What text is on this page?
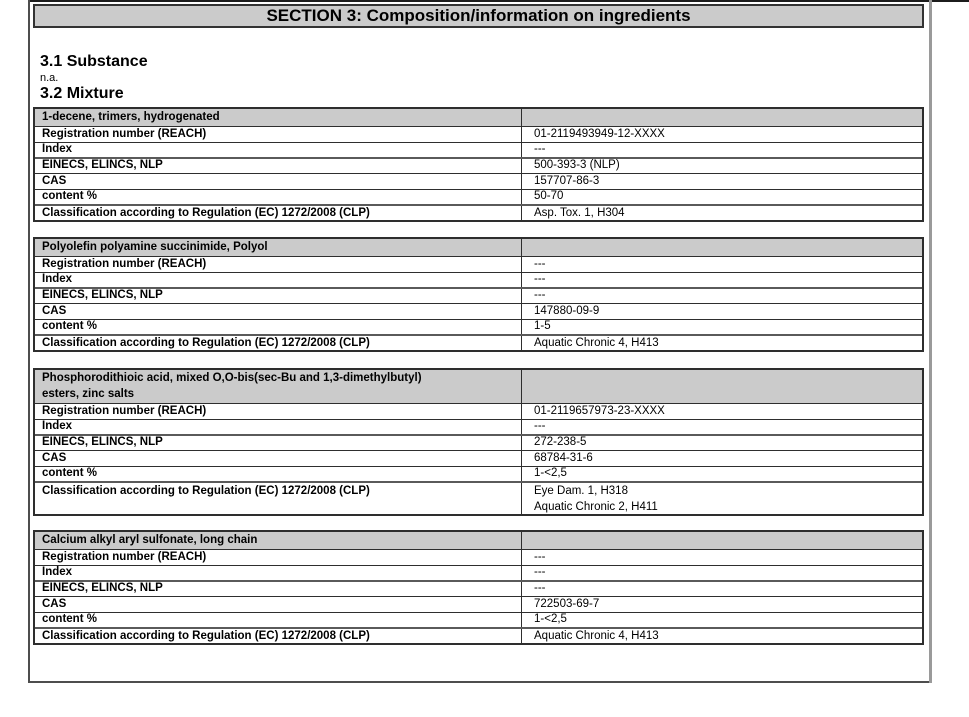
SECTION 3: Composition/information on ingredients
3.1 Substance
n.a.
3.2 Mixture
1-decene, trimers, hydrogenated
Registration number (REACH)	01-2119493949-12-XXXX
Index	---
EINECS, ELINCS, NLP	500-393-3 (NLP)
CAS	157707-86-3
content %	50-70
Classification according to Regulation (EC) 1272/2008 (CLP)	Asp. Tox. 1, H304
Polyolefin polyamine succinimide, Polyol
Registration number (REACH)	---
Index	---
EINECS, ELINCS, NLP	---
CAS	147880-09-9
content %	1-5
Classification according to Regulation (EC) 1272/2008 (CLP)	Aquatic Chronic 4, H413
Phosphorodithioic acid, mixed O,O-bis(sec-Bu and 1,3-dimethylbutyl)
esters, zinc salts
Registration number (REACH)	01-2119657973-23-XXXX
Index	---
EINECS, ELINCS, NLP	272-238-5
CAS	68784-31-6
content %	1-<2,5
Classification according to Regulation (EC) 1272/2008 (CLP)	Eye Dam. 1, H318
Aquatic Chronic 2, H411
Calcium alkyl aryl sulfonate, long chain
Registration number (REACH)	---
Index	---
EINECS, ELINCS, NLP	---
CAS	722503-69-7
content %	1-<2,5
Classification according to Regulation (EC) 1272/2008 (CLP)	Aquatic Chronic 4, H413
